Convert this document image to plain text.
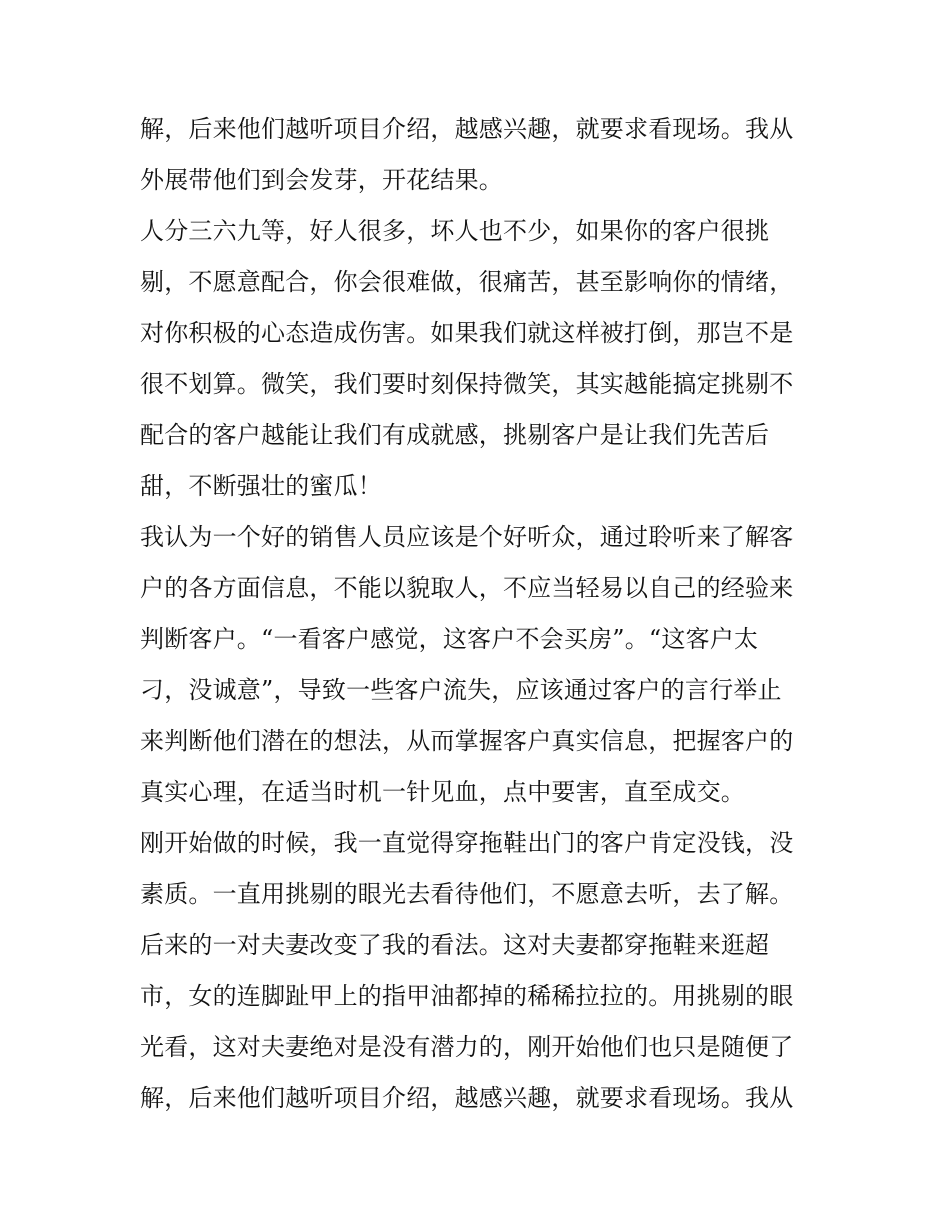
解，后来他们越听项目介绍，越感兴趣，就要求看现场。我从
外展带他们到会发芽，开花结果。
人分三六九等，好人很多，坏人也不少，如果你的客户很挑
剔，不愿意配合，你会很难做，很痛苦，甚至影响你的情绪，
对你积极的心态造成伤害。如果我们就这样被打倒，那岂不是
很不划算。微笑，我们要时刻保持微笑，其实越能搞定挑剔不
配合的客户越能让我们有成就感，挑剔客户是让我们先苦后
甜，不断强壮的蜜瓜！
我认为一个好的销售人员应该是个好听众，通过聆听来了解客
户的各方面信息，不能以貌取人，不应当轻易以自己的经验来
判断客户。“一看客户感觉，这客户不会买房”。“这客户太
刁，没诚意”，导致一些客户流失，应该通过客户的言行举止
来判断他们潜在的想法，从而掌握客户真实信息，把握客户的
真实心理，在适当时机一针见血，点中要害，直至成交。
刚开始做的时候，我一直觉得穿拖鞋出门的客户肯定没钱，没
素质。一直用挑剔的眼光去看待他们，不愿意去听，去了解。
后来的一对夫妻改变了我的看法。这对夫妻都穿拖鞋来逛超
市，女的连脚趾甲上的指甲油都掉的稀稀拉拉的。用挑剔的眼
光看，这对夫妻绝对是没有潜力的，刚开始他们也只是随便了
解，后来他们越听项目介绍，越感兴趣，就要求看现场。我从
